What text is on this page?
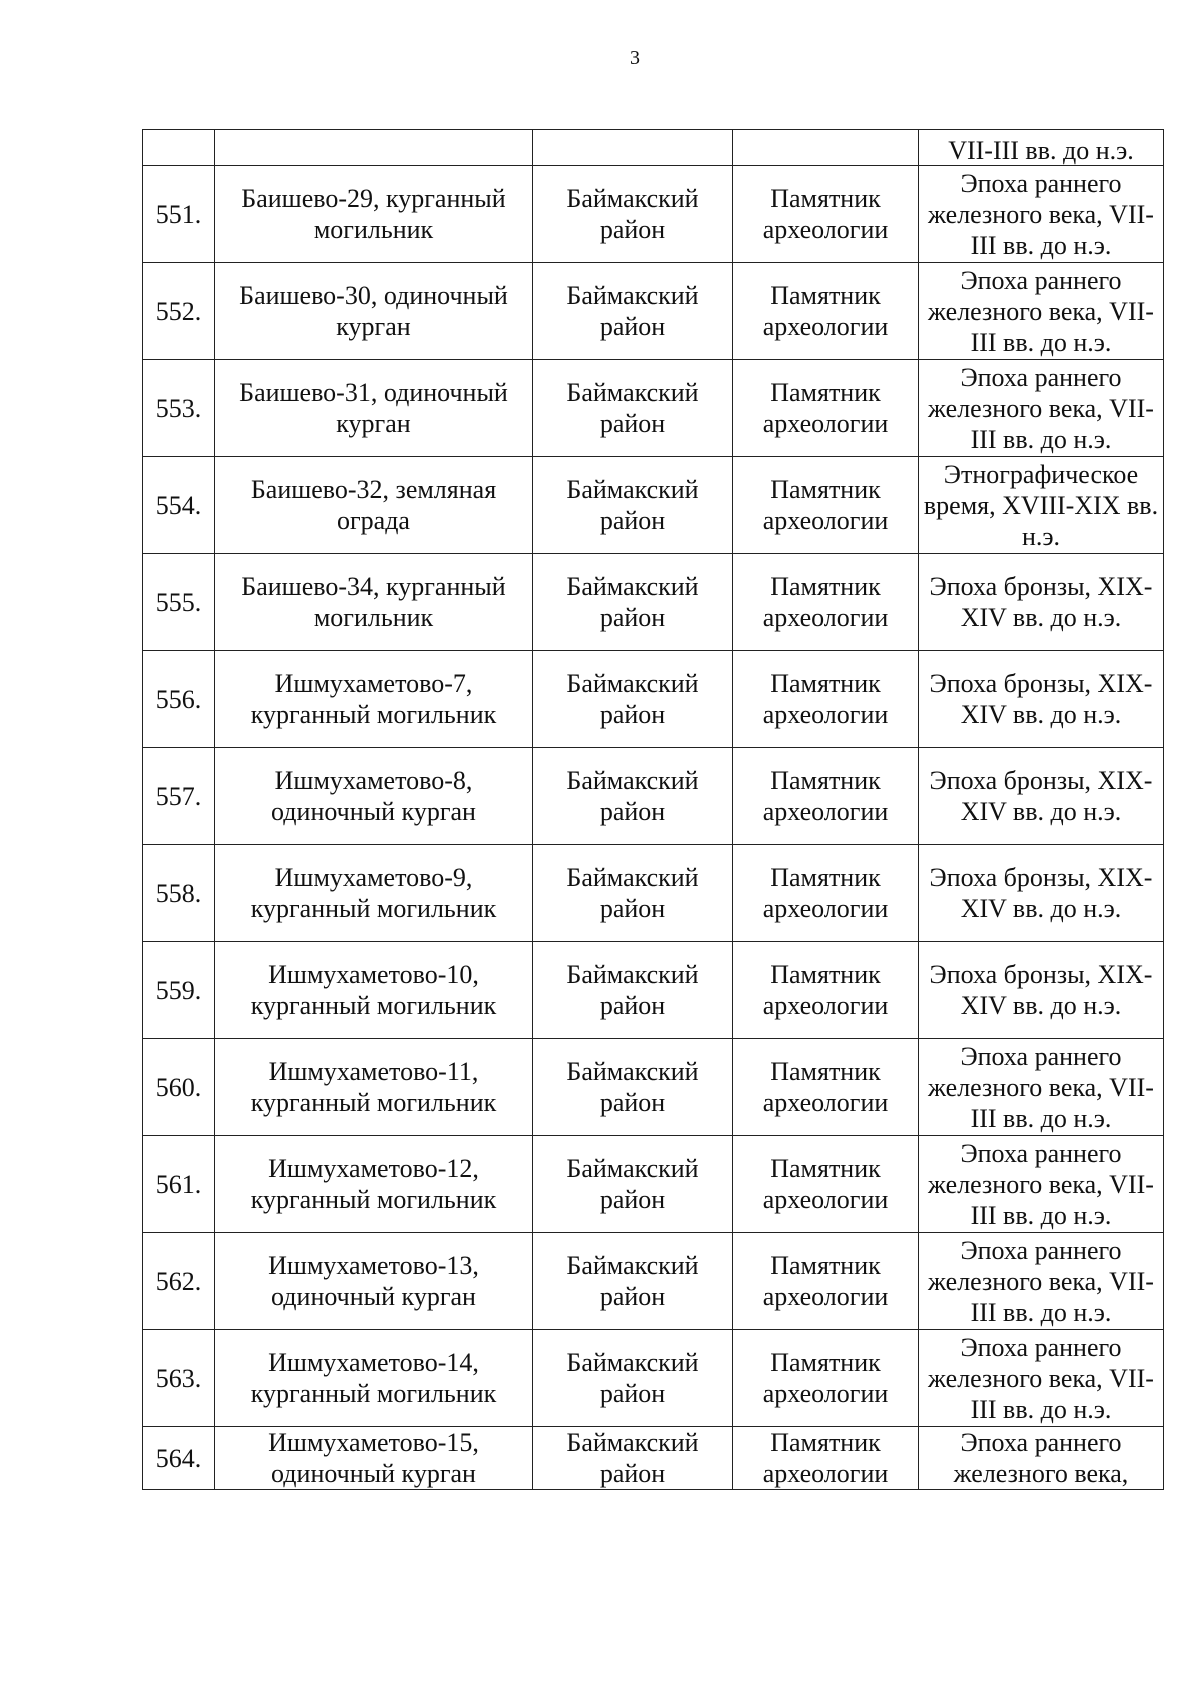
3
				VII-III вв. до н.э.
551.	Баишево-29, курганный могильник	Баймакский район	Памятник археологии	Эпоха раннего железного века, VII-III вв. до н.э.
552.	Баишево-30, одиночный курган	Баймакский район	Памятник археологии	Эпоха раннего железного века, VII-III вв. до н.э.
553.	Баишево-31, одиночный курган	Баймакский район	Памятник археологии	Эпоха раннего железного века, VII-III вв. до н.э.
554.	Баишево-32, земляная ограда	Баймакский район	Памятник археологии	Этнографическое время, XVIII-XIX вв. н.э.
555.	Баишево-34, курганный могильник	Баймакский район	Памятник археологии	Эпоха бронзы, XIX-XIV вв. до н.э.
556.	Ишмухаметово-7, курганный могильник	Баймакский район	Памятник археологии	Эпоха бронзы, XIX-XIV вв. до н.э.
557.	Ишмухаметово-8, одиночный курган	Баймакский район	Памятник археологии	Эпоха бронзы, XIX-XIV вв. до н.э.
558.	Ишмухаметово-9, курганный могильник	Баймакский район	Памятник археологии	Эпоха бронзы, XIX-XIV вв. до н.э.
559.	Ишмухаметово-10, курганный могильник	Баймакский район	Памятник археологии	Эпоха бронзы, XIX-XIV вв. до н.э.
560.	Ишмухаметово-11, курганный могильник	Баймакский район	Памятник археологии	Эпоха раннего железного века, VII-III вв. до н.э.
561.	Ишмухаметово-12, курганный могильник	Баймакский район	Памятник археологии	Эпоха раннего железного века, VII-III вв. до н.э.
562.	Ишмухаметово-13, одиночный курган	Баймакский район	Памятник археологии	Эпоха раннего железного века, VII-III вв. до н.э.
563.	Ишмухаметово-14, курганный могильник	Баймакский район	Памятник археологии	Эпоха раннего железного века, VII-III вв. до н.э.
564.	Ишмухаметово-15, одиночный курган	Баймакский район	Памятник археологии	Эпоха раннего железного века,
